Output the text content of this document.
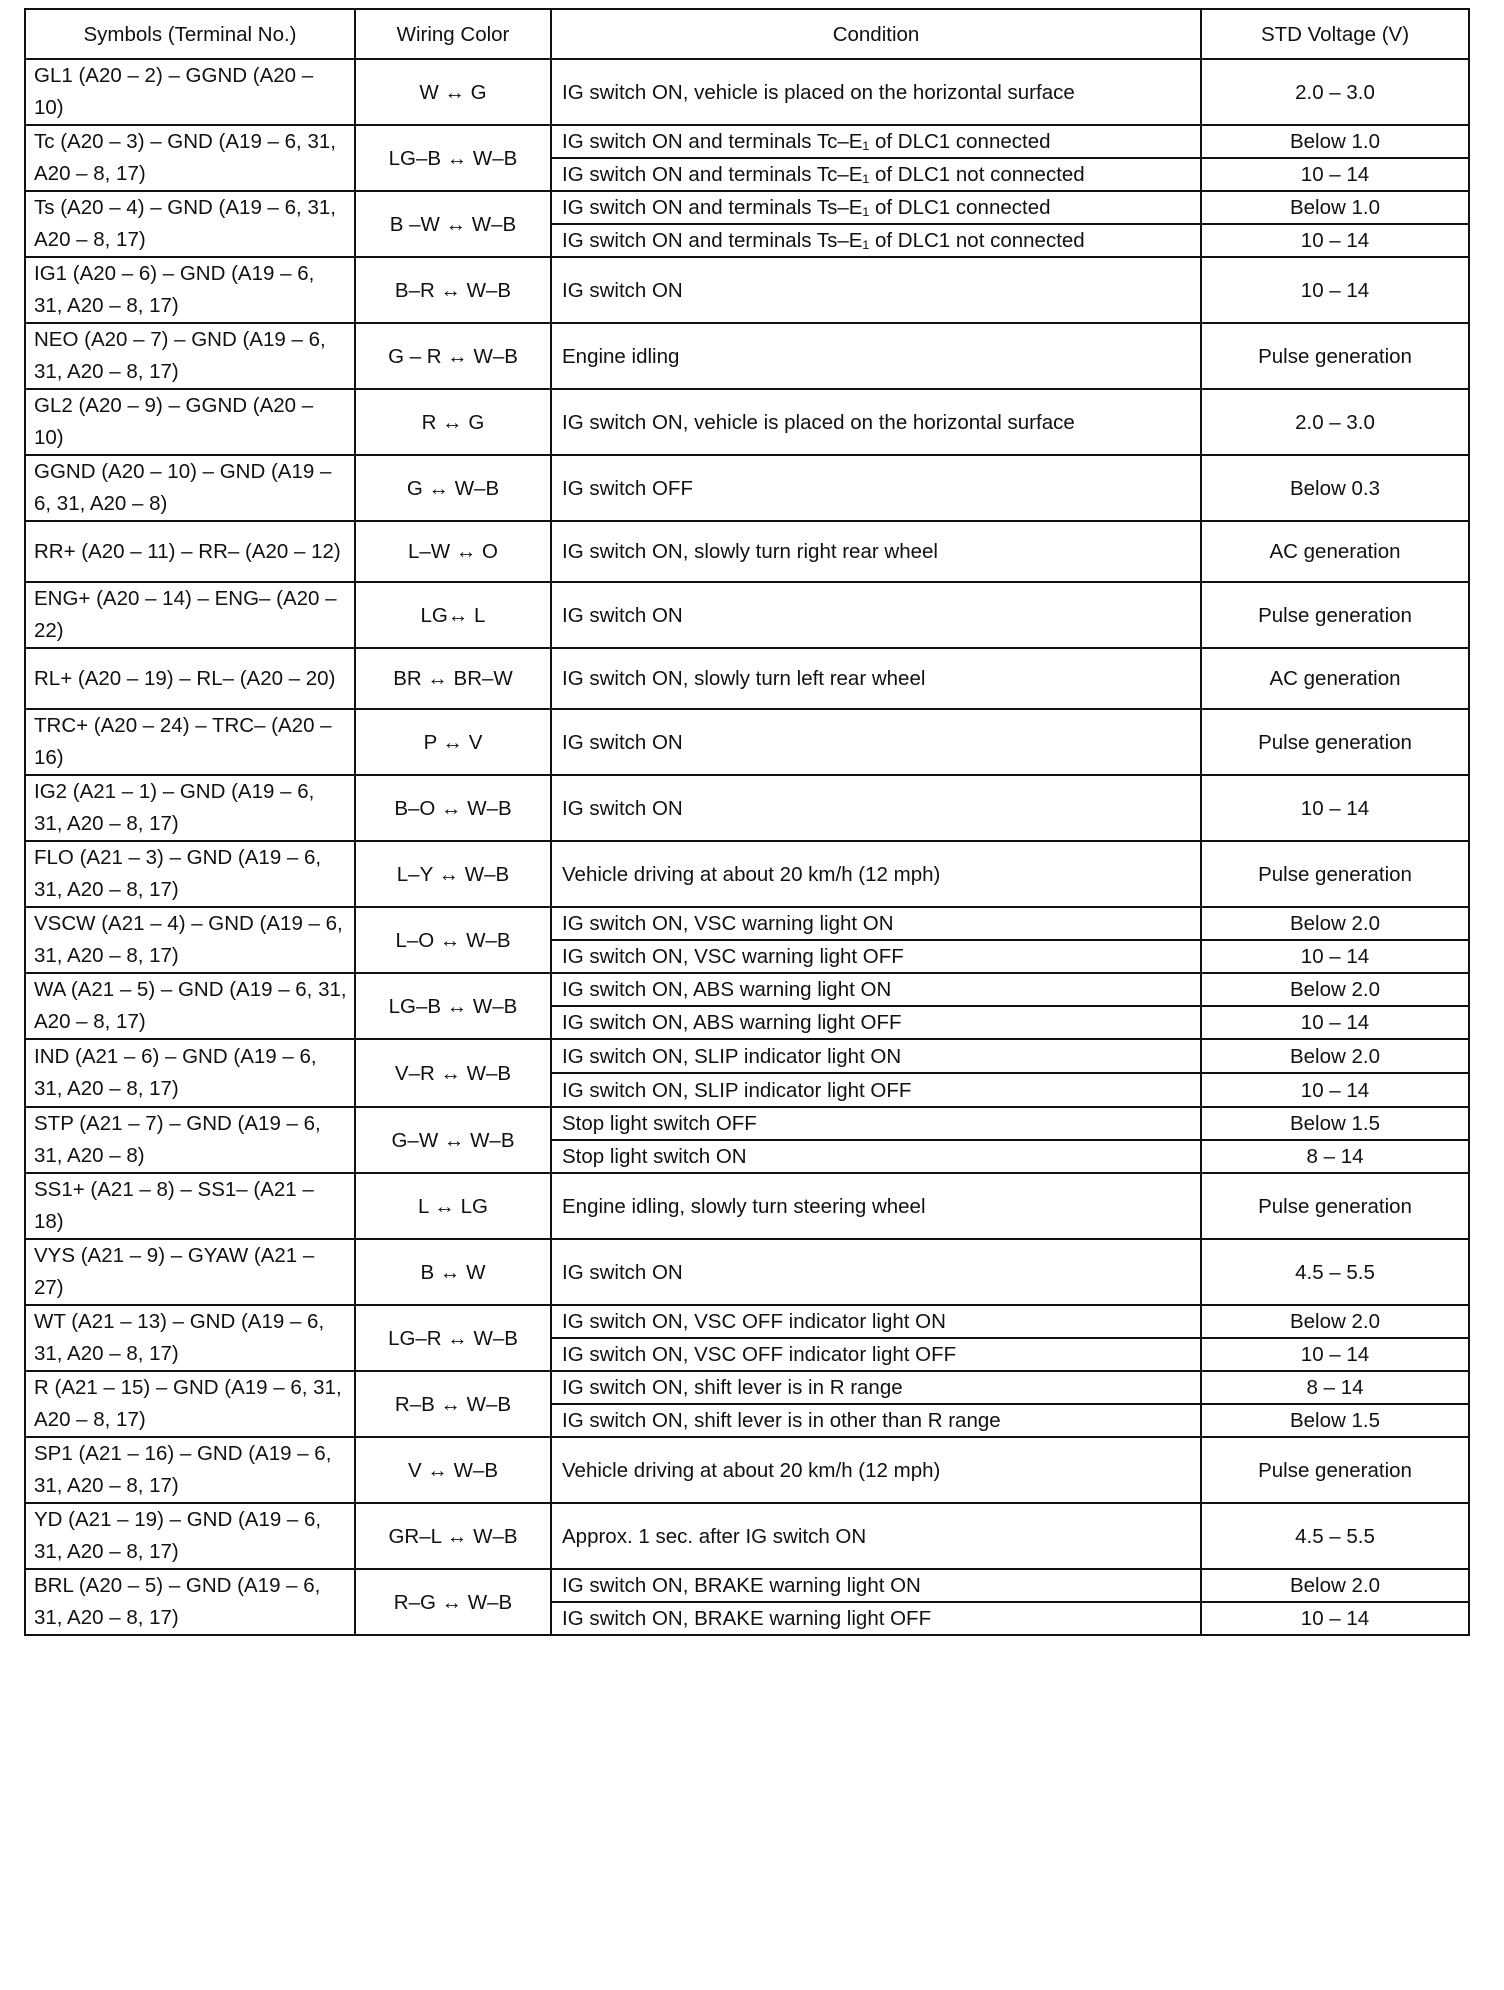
Symbols (Terminal No.)	Wiring Color	Condition	STD Voltage (V)
GL1 (A20 – 2) – GGND (A20 – 10)	W ↔ G	IG switch ON, vehicle is placed on the horizontal surface	2.0 – 3.0
Tc (A20 – 3) – GND (A19 – 6, 31, A20 – 8, 17)	LG–B ↔ W–B	IG switch ON and terminals Tc–E₁ of DLC1 connected	Below 1.0
		IG switch ON and terminals Tc–E₁ of DLC1 not connected	10 – 14
Ts (A20 – 4) – GND (A19 – 6, 31, A20 – 8, 17)	B –W ↔ W–B	IG switch ON and terminals Ts–E₁ of DLC1 connected	Below 1.0
		IG switch ON and terminals Ts–E₁ of DLC1 not connected	10 – 14
IG1 (A20 – 6) – GND (A19 – 6, 31, A20 – 8, 17)	B–R ↔ W–B	IG switch ON	10 – 14
NEO (A20 – 7) – GND (A19 – 6, 31, A20 – 8, 17)	G – R ↔ W–B	Engine idling	Pulse generation
GL2 (A20 – 9) – GGND (A20 – 10)	R ↔ G	IG switch ON, vehicle is placed on the horizontal surface	2.0 – 3.0
GGND (A20 – 10) – GND (A19 – 6, 31, A20 – 8)	G ↔ W–B	IG switch OFF	Below 0.3
RR+ (A20 – 11) – RR– (A20 – 12)	L–W ↔ O	IG switch ON, slowly turn right rear wheel	AC generation
ENG+ (A20 – 14) – ENG– (A20 – 22)	LG↔ L	IG switch ON	Pulse generation
RL+ (A20 – 19) – RL– (A20 – 20)	BR ↔ BR–W	IG switch ON, slowly turn left rear wheel	AC generation
TRC+ (A20 – 24) – TRC– (A20 – 16)	P ↔ V	IG switch ON	Pulse generation
IG2 (A21 – 1) – GND (A19 – 6, 31, A20 – 8, 17)	B–O ↔ W–B	IG switch ON	10 – 14
FLO (A21 – 3) – GND (A19 – 6, 31, A20 – 8, 17)	L–Y ↔ W–B	Vehicle driving at about 20 km/h (12 mph)	Pulse generation
VSCW (A21 – 4) – GND (A19 – 6, 31, A20 – 8, 17)	L–O ↔ W–B	IG switch ON, VSC warning light ON	Below 2.0
		IG switch ON, VSC warning light OFF	10 – 14
WA (A21 – 5) – GND (A19 – 6, 31, A20 – 8, 17)	LG–B ↔ W–B	IG switch ON, ABS warning light ON	Below 2.0
		IG switch ON, ABS warning light OFF	10 – 14
IND (A21 – 6) – GND (A19 – 6, 31, A20 – 8, 17)	V–R ↔ W–B	IG switch ON, SLIP indicator light ON	Below 2.0
		IG switch ON, SLIP indicator light OFF	10 – 14
STP (A21 – 7) – GND (A19 – 6, 31, A20 – 8)	G–W ↔ W–B	Stop light switch OFF	Below 1.5
		Stop light switch ON	8 – 14
SS1+ (A21 – 8) – SS1– (A21 – 18)	L ↔ LG	Engine idling, slowly turn steering wheel	Pulse generation
VYS (A21 – 9) – GYAW (A21 – 27)	B ↔ W	IG switch ON	4.5 – 5.5
WT (A21 – 13) – GND (A19 – 6, 31, A20 – 8, 17)	LG–R ↔ W–B	IG switch ON, VSC OFF indicator light ON	Below 2.0
		IG switch ON, VSC OFF indicator light OFF	10 – 14
R (A21 – 15) – GND (A19 – 6, 31, A20 – 8, 17)	R–B ↔ W–B	IG switch ON, shift lever is in R range	8 – 14
		IG switch ON, shift lever is in other than R range	Below 1.5
SP1 (A21 – 16) – GND (A19 – 6, 31, A20 – 8, 17)	V ↔ W–B	Vehicle driving at about 20 km/h (12 mph)	Pulse generation
YD (A21 – 19) – GND (A19 – 6, 31, A20 – 8, 17)	GR–L ↔ W–B	Approx. 1 sec. after IG switch ON	4.5 – 5.5
BRL (A20 – 5) – GND (A19 – 6, 31, A20 – 8, 17)	R–G ↔ W–B	IG switch ON, BRAKE warning light ON	Below 2.0
		IG switch ON, BRAKE warning light OFF	10 – 14
